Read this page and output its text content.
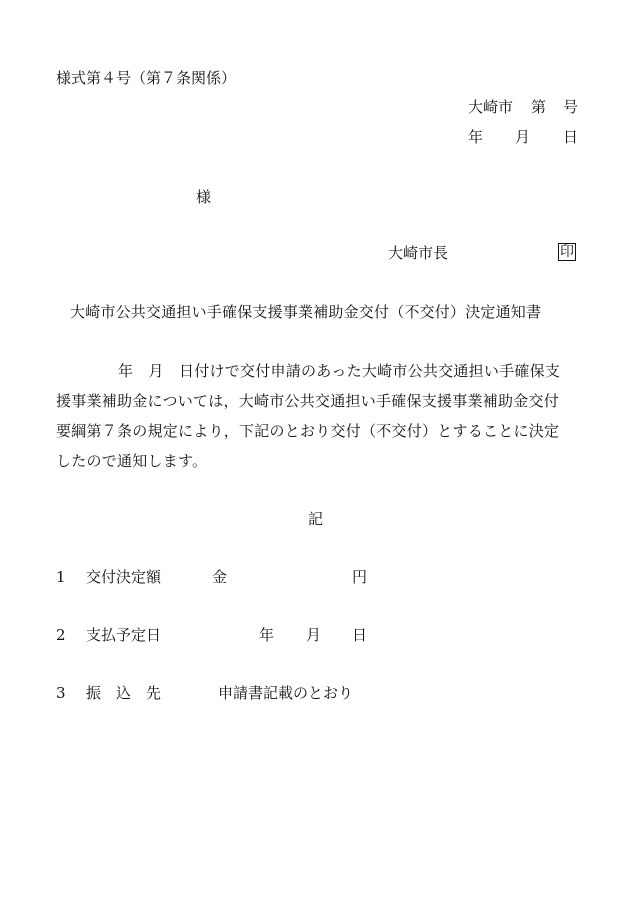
様式第４号（第７条関係）
大崎市 第 号
年 月 日
様
大崎市長	印
大崎市公共交通担い手確保支援事業補助金交付（不交付）決定通知書
年　月　日付けで交付申請のあった大崎市公共交通担い手確保支
援事業補助金については，大崎市公共交通担い手確保支援事業補助金交付
要綱第７条の規定により，下記のとおり交付（不交付）とすることに決定
したので通知します。
記
1 交付決定額	金	円
2 支払予定日	年 月 日
3 振　込　先	申請書記載のとおり
